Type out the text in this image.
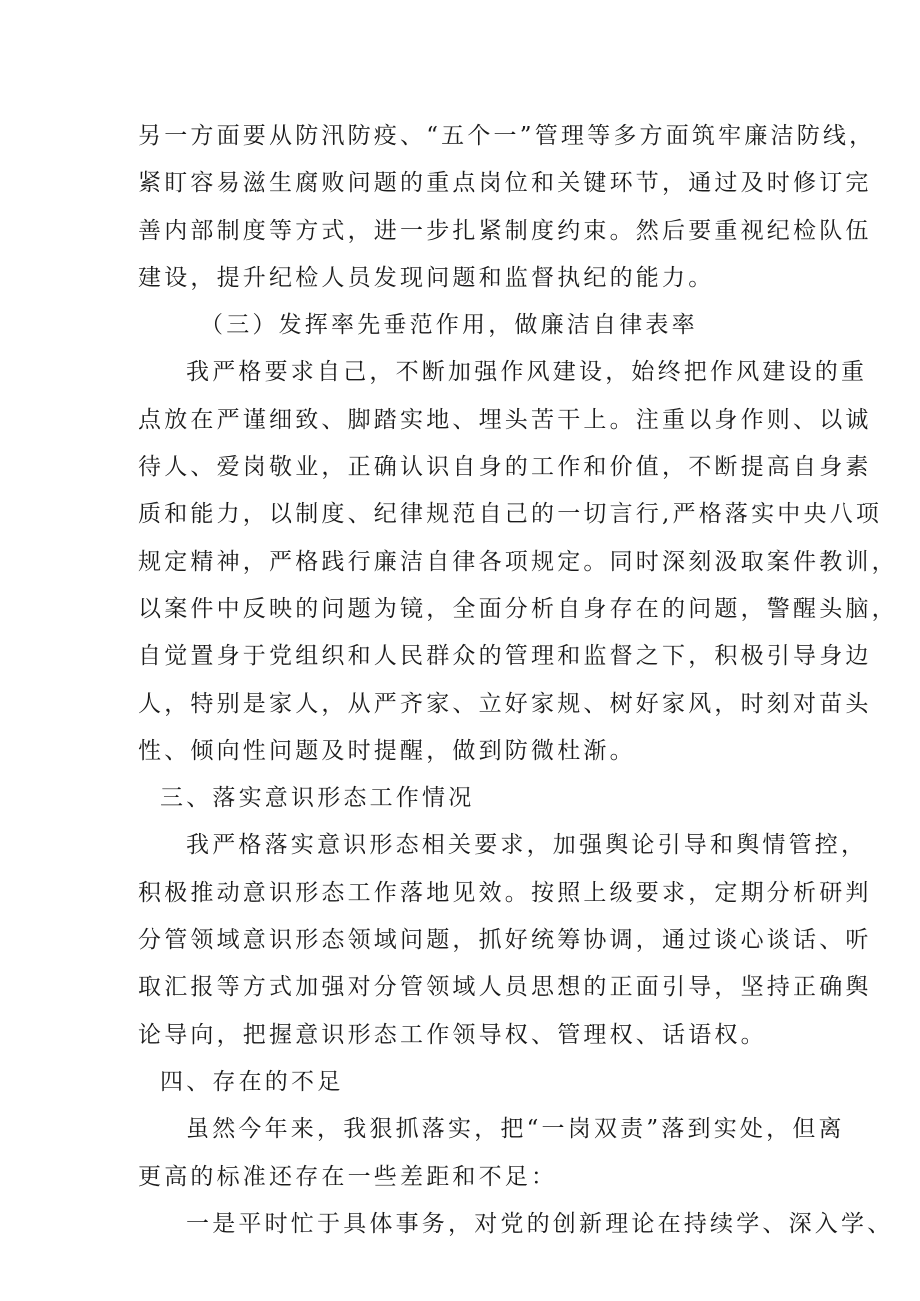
另一方面要从防汛防疫、“五个一”管理等多方面筑牢廉洁防线，
紧盯容易滋生腐败问题的重点岗位和关键环节，通过及时修订完
善内部制度等方式，进一步扎紧制度约束。然后要重视纪检队伍
建设，提升纪检人员发现问题和监督执纪的能力。
（三）发挥率先垂范作用，做廉洁自律表率
我严格要求自己，不断加强作风建设，始终把作风建设的重
点放在严谨细致、脚踏实地、埋头苦干上。注重以身作则、以诚
待人、爱岗敬业，正确认识自身的工作和价值，不断提高自身素
质和能力，以制度、纪律规范自己的一切言行,严格落实中央八项
规定精神，严格践行廉洁自律各项规定。同时深刻汲取案件教训，
以案件中反映的问题为镜，全面分析自身存在的问题，警醒头脑，
自觉置身于党组织和人民群众的管理和监督之下，积极引导身边
人，特别是家人，从严齐家、立好家规、树好家风，时刻对苗头
性、倾向性问题及时提醒，做到防微杜渐。
三、落实意识形态工作情况
我严格落实意识形态相关要求，加强舆论引导和舆情管控，
积极推动意识形态工作落地见效。按照上级要求，定期分析研判
分管领域意识形态领域问题，抓好统筹协调，通过谈心谈话、听
取汇报等方式加强对分管领域人员思想的正面引导，坚持正确舆
论导向，把握意识形态工作领导权、管理权、话语权。
四、存在的不足
虽然今年来，我狠抓落实，把“一岗双责”落到实处，但离
更高的标准还存在一些差距和不足：
一是平时忙于具体事务，对党的创新理论在持续学、深入学、
